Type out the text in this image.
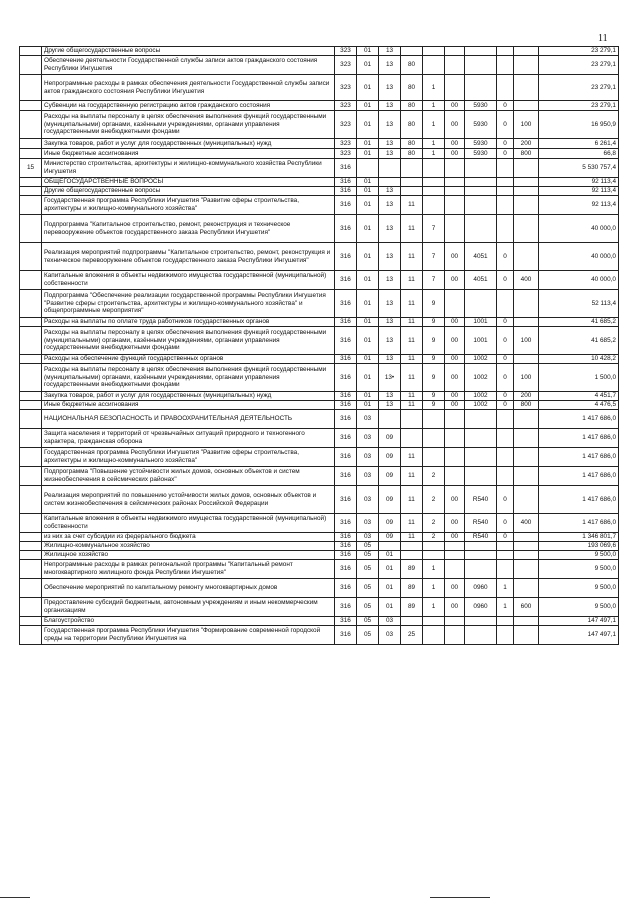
11
	Другие общегосударственные вопросы	323	01	13							23 279,1
	Обеспечение деятельности Государственной службы записи актов гражданского состояния Республики Ингушетия	323	01	13	80						23 279,1
	Непрограммные расходы в рамках обеспечения деятельности Государственной службы записи актов гражданского состояния Республики Ингушетия	323	01	13	80	1					23 279,1
	Субвенции на государственную регистрацию актов гражданского состояния	323	01	13	80	1	00	5930	0		23 279,1
	Расходы на выплаты персоналу в целях обеспечения выполнения функций государственными (муниципальными) органами, казёнными учреждениями, органами управления государственными внебюджетными фондами	323	01	13	80	1	00	5930	0	100	16 950,9
	Закупка товаров, работ и услуг для государственных (муниципальных) нужд	323	01	13	80	1	00	5930	0	200	6 261,4
	Иные бюджетные ассигнования	323	01	13	80	1	00	5930	0	800	66,8
15	Министерство строительства, архитектуры и жилищно-коммунального хозяйства Республики Ингушетия	316									5 530 757,4
	ОБЩЕГОСУДАРСТВЕННЫЕ ВОПРОСЫ	316	01								92 113,4
	Другие общегосударственные вопросы	316	01	13							92 113,4
	Государственная программа Республики Ингушетия "Развитие сферы строительства, архитектуры и жилищно-коммунального хозяйства"	316	01	13	11						92 113,4
	Подпрограмма "Капитальное строительство, ремонт, реконструкция и техническое перевооружение объектов государственного заказа Республики Ингушетия"	316	01	13	11	7					40 000,0
	Реализация мероприятий подпрограммы "Капитальное строительство, ремонт, реконструкция и техническое перевооружение объектов государственного заказа Республики Ингушетия"	316	01	13	11	7	00	4051	0		40 000,0
	Капитальные вложения в объекты недвижимого имущества государственной (муниципальной) собственности	316	01	13	11	7	00	4051	0	400	40 000,0
	Подпрограмма "Обеспечение реализации государственной программы Республики Ингушетия "Развитие сферы строительства, архитектуры и жилищно-коммунального хозяйства" и общепрограммные мероприятия"	316	01	13	11	9					52 113,4
	Расходы на выплаты по оплате труда работников государственных органов	316	01	13	11	9	00	1001	0		41 685,2
	Расходы на выплаты персоналу в целях обеспечения выполнения функций государственными (муниципальными) органами, казёнными учреждениями, органами управления государственными внебюджетными фондами	316	01	13	11	9	00	1001	0	100	41 685,2
	Расходы на обеспечение функций государственных органов	316	01	13	11	9	00	1002	0		10 428,2
	Расходы на выплаты персоналу в целях обеспечения выполнения функций государственными (муниципальными) органами, казёнными учреждениями, органами управления государственными внебюджетными фондами	316	01	13•	11	9	00	1002	0	100	1 500,0
	Закупка товаров, работ и услуг для государственных (муниципальных) нужд	316	01	13	11	9	00	1002	0	200	4 451,7
	Иные бюджетные ассигнования	316	01	13	11	9	00	1002	0	800	4 476,5
	НАЦИОНАЛЬНАЯ БЕЗОПАСНОСТЬ И ПРАВООХРАНИТЕЛЬНАЯ ДЕЯТЕЛЬНОСТЬ	316	03								1 417 686,0
	Защита населения и территорий от чрезвычайных ситуаций природного и техногенного характера, гражданская оборона	316	03	09							1 417 686,0
	Государственная программа Республики Ингушетия "Развитие сферы строительства, архитектуры и жилищно-коммунального хозяйства"	316	03	09	11						1 417 686,0
	Подпрограмма "Повышение устойчивости жилых домов, основных объектов и систем жизнеобеспечения в сейсмических районах"	316	03	09	11	2					1 417 686,0
	Реализация мероприятий по повышению устойчивости жилых домов, основных объектов и систем жизнеобеспечения в сейсмических районах Российской Федерации	316	03	09	11	2	00	R540	0		1 417 686,0
	Капитальные вложения в объекты недвижимого имущества государственной (муниципальной) собственности	316	03	09	11	2	00	R540	0	400	1 417 686,0
	из них за счет субсидии из федерального бюджета	316	03	09	11	2	00	R540	0		1 346 801,7
	Жилищно-коммунальное хозяйство	316	05								193 069,6
	Жилищное хозяйство	316	05	01							9 500,0
	Непрограммные расходы в рамках региональной программы "Капитальный ремонт многоквартирного жилищного фонда Республики Ингушетия"	316	05	01	89	1					9 500,0
	Обеспечение мероприятий по капитальному ремонту многоквартирных домов	316	05	01	89	1	00	0960	1		9 500,0
	Предоставление субсидий бюджетным, автономным учреждениям и иным некоммерческим организациям	316	05	01	89	1	00	0960	1	600	9 500,0
	Благоустройство	316	05	03							147 497,1
	Государственная программа Республики Ингушетия "Формирование современной городской среды на территории Республики Ингушетия на	316	05	03	25						147 497,1
